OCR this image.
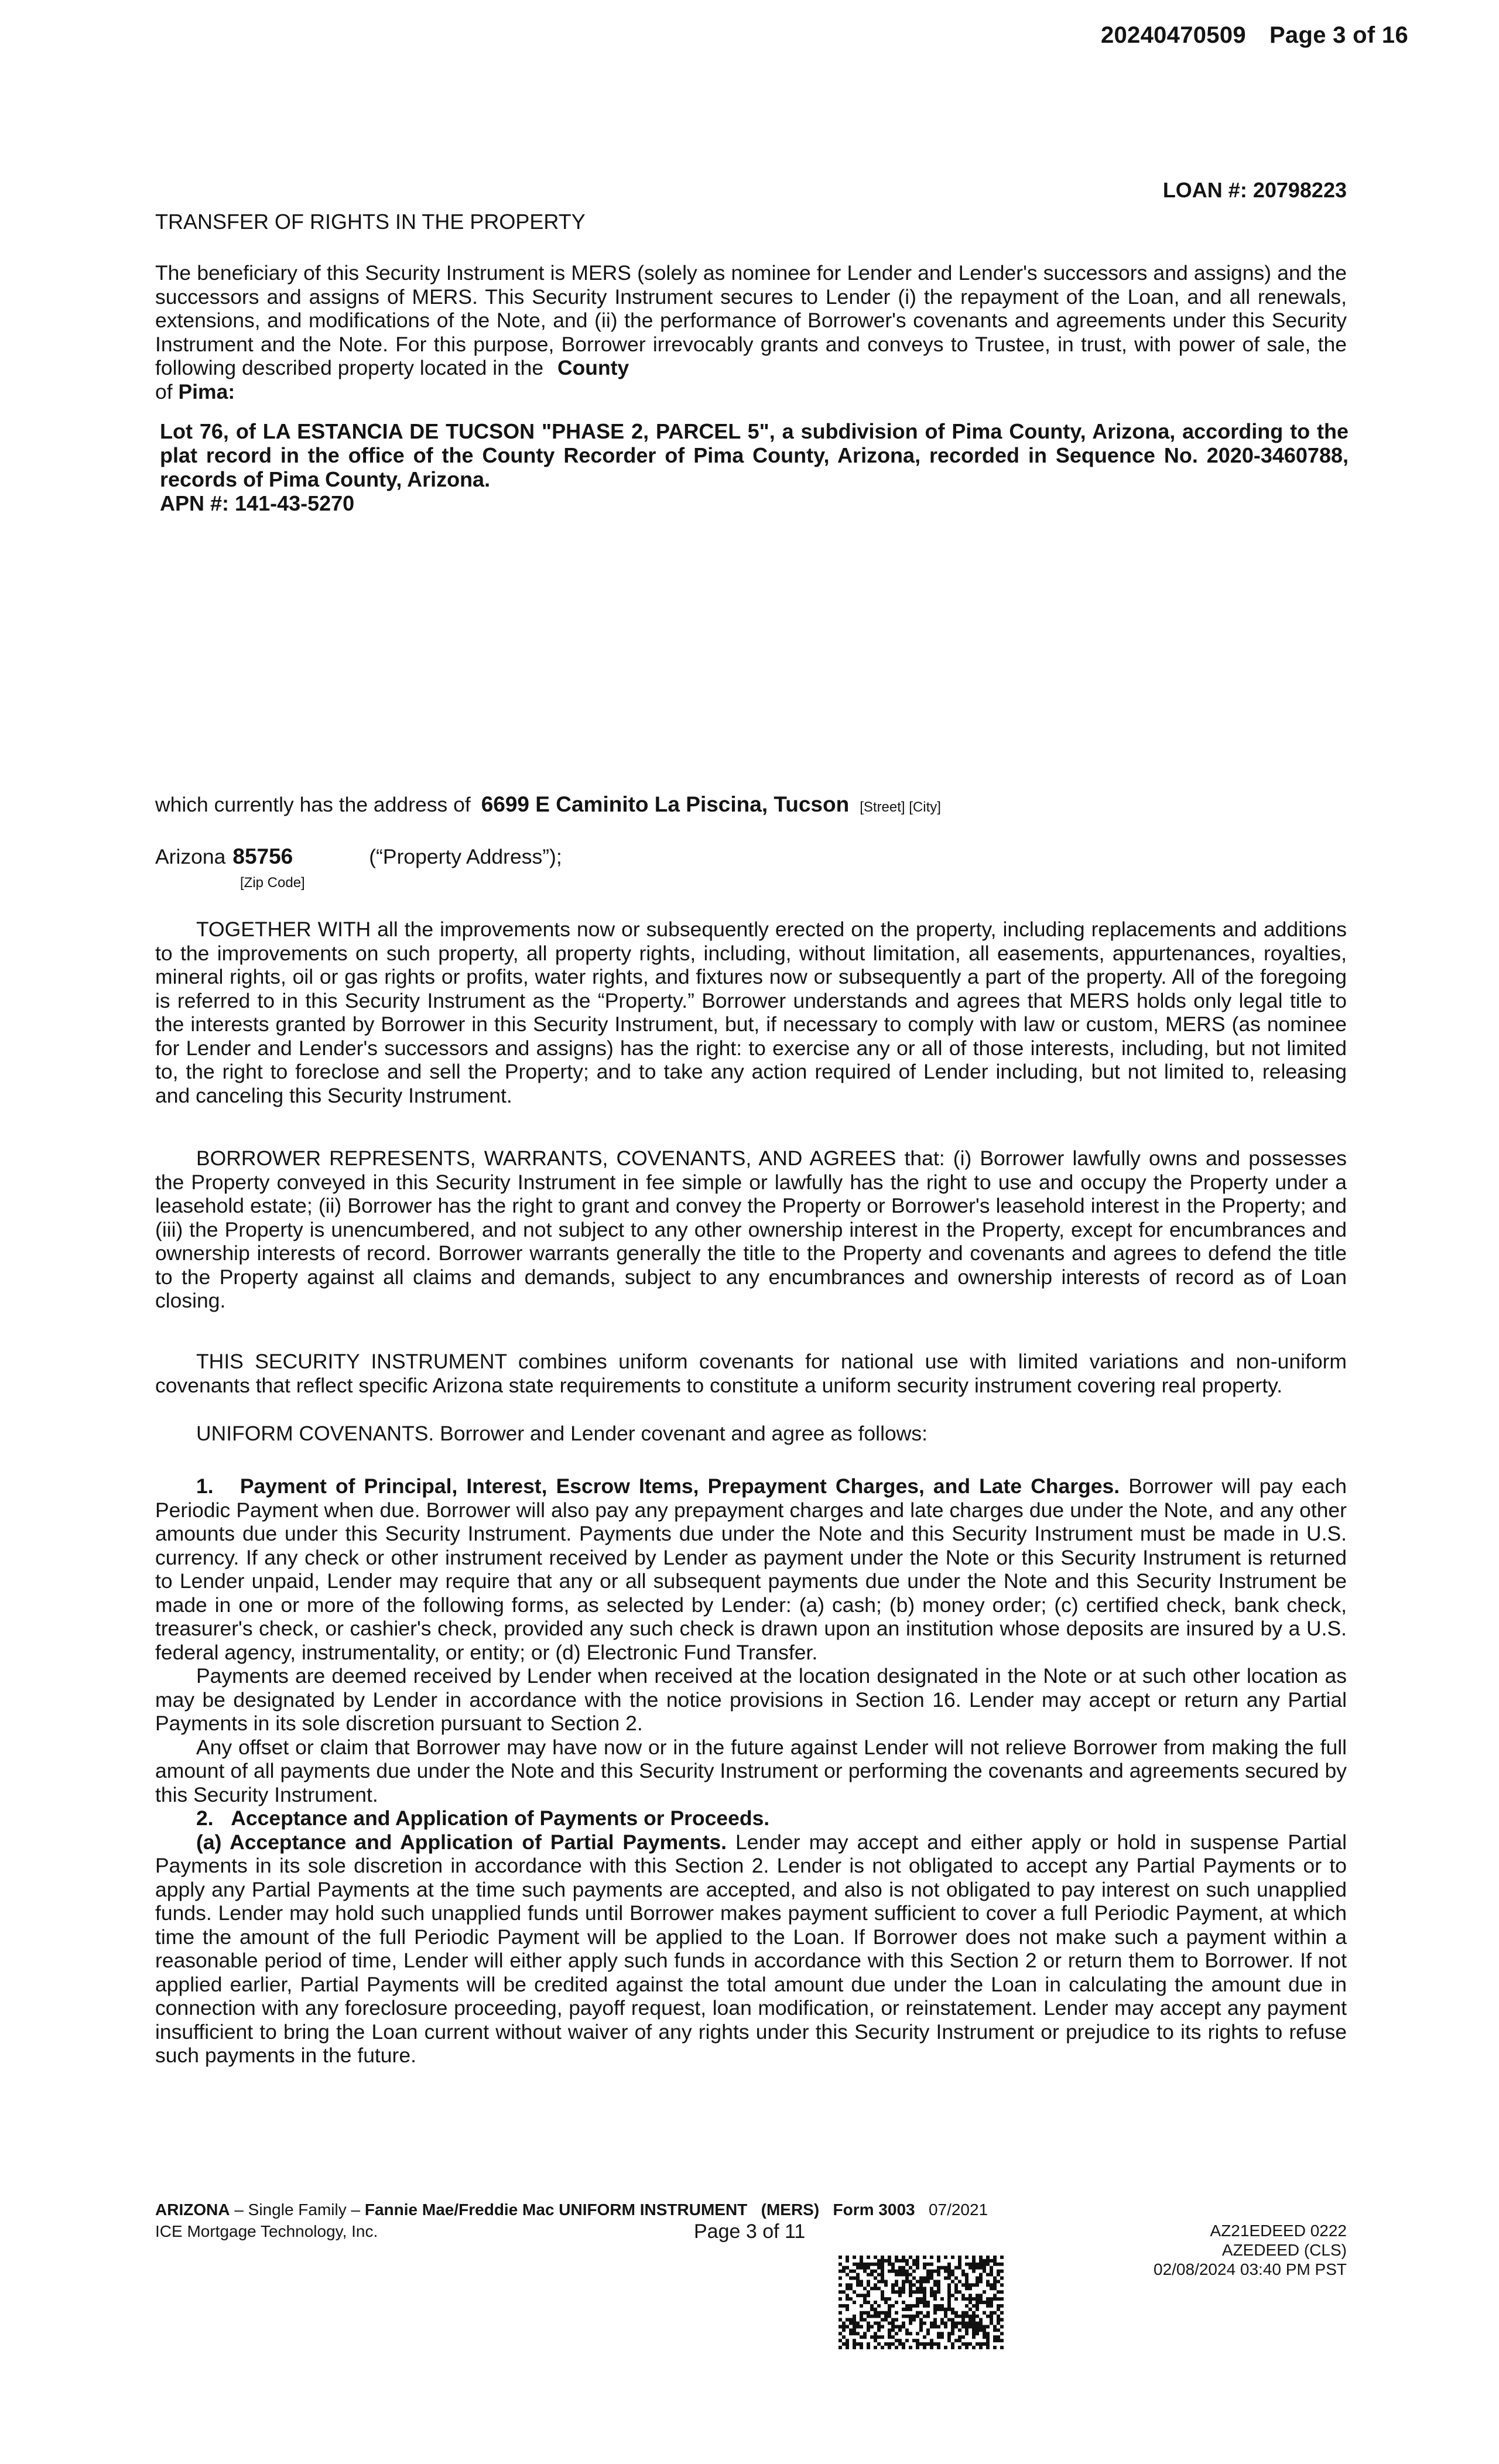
20240470509 Page 3 of 16
LOAN #: 20798223
TRANSFER OF RIGHTS IN THE PROPERTY
The beneficiary of this Security Instrument is MERS (solely as nominee for Lender and Lender's successors and assigns) and the successors and assigns of MERS. This Security Instrument secures to Lender (i) the repayment of the Loan, and all renewals, extensions, and modifications of the Note, and (ii) the performance of Borrower's covenants and agreements under this Security Instrument and the Note. For this purpose, Borrower irrevocably grants and conveys to Trustee, in trust, with power of sale, the following described property located in the County
of Pima:

Lot 76, of LA ESTANCIA DE TUCSON "PHASE 2, PARCEL 5", a subdivision of Pima County, Arizona, according to the plat record in the office of the County Recorder of Pima County, Arizona, recorded in Sequence No. 2020-3460788, records of Pima County, Arizona.

APN #: 141-43-5270

which currently has the address of 6699 E Caminito La Piscina, Tucson [Street] [City]
Arizona 85756	(“Property Address”);
[Zip Code]
TOGETHER WITH all the improvements now or subsequently erected on the property, including replacements and additions to the improvements on such property, all property rights, including, without limitation, all easements, appurtenances, royalties, mineral rights, oil or gas rights or profits, water rights, and fixtures now or subsequently a part of the property. All of the foregoing is referred to in this Security Instrument as the “Property.” Borrower understands and agrees that MERS holds only legal title to the interests granted by Borrower in this Security Instrument, but, if necessary to comply with law or custom, MERS (as nominee for Lender and Lender's successors and assigns) has the right: to exercise any or all of those interests, including, but not limited to, the right to foreclose and sell the Property; and to take any action required of Lender including, but not limited to, releasing and canceling this Security Instrument.
BORROWER REPRESENTS, WARRANTS, COVENANTS, AND AGREES that: (i) Borrower lawfully owns and possesses the Property conveyed in this Security Instrument in fee simple or lawfully has the right to use and occupy the Property under a leasehold estate; (ii) Borrower has the right to grant and convey the Property or Borrower's leasehold interest in the Property; and (iii) the Property is unencumbered, and not subject to any other ownership interest in the Property, except for encumbrances and ownership interests of record. Borrower warrants generally the title to the Property and covenants and agrees to defend the title to the Property against all claims and demands, subject to any encumbrances and ownership interests of record as of Loan closing.
THIS SECURITY INSTRUMENT combines uniform covenants for national use with limited variations and non-uniform covenants that reflect specific Arizona state requirements to constitute a uniform security instrument covering real property.
UNIFORM COVENANTS. Borrower and Lender covenant and agree as follows:

1. Payment of Principal, Interest, Escrow Items, Prepayment Charges, and Late Charges. Borrower will pay each Periodic Payment when due. Borrower will also pay any prepayment charges and late charges due under the Note, and any other amounts due under this Security Instrument. Payments due under the Note and this Security Instrument must be made in U.S. currency. If any check or other instrument received by Lender as payment under the Note or this Security Instrument is returned to Lender unpaid, Lender may require that any or all subsequent payments due under the Note and this Security Instrument be made in one or more of the following forms, as selected by Lender: (a) cash; (b) money order; (c) certified check, bank check, treasurer's check, or cashier's check, provided any such check is drawn upon an institution whose deposits are insured by a U.S. federal agency, instrumentality, or entity; or (d) Electronic Fund Transfer.

Payments are deemed received by Lender when received at the location designated in the Note or at such other location as may be designated by Lender in accordance with the notice provisions in Section 16. Lender may accept or return any Partial Payments in its sole discretion pursuant to Section 2.

Any offset or claim that Borrower may have now or in the future against Lender will not relieve Borrower from making the full amount of all payments due under the Note and this Security Instrument or performing the covenants and agreements secured by this Security Instrument.

2. Acceptance and Application of Payments or Proceeds.

(a) Acceptance and Application of Partial Payments. Lender may accept and either apply or hold in suspense Partial Payments in its sole discretion in accordance with this Section 2. Lender is not obligated to accept any Partial Payments or to apply any Partial Payments at the time such payments are accepted, and also is not obligated to pay interest on such unapplied funds. Lender may hold such unapplied funds until Borrower makes payment sufficient to cover a full Periodic Payment, at which time the amount of the full Periodic Payment will be applied to the Loan. If Borrower does not make such a payment within a reasonable period of time, Lender will either apply such funds in accordance with this Section 2 or return them to Borrower. If not applied earlier, Partial Payments will be credited against the total amount due under the Loan in calculating the amount due in connection with any foreclosure proceeding, payoff request, loan modification, or reinstatement. Lender may accept any payment insufficient to bring the Loan current without waiver of any rights under this Security Instrument or prejudice to its rights to refuse such payments in the future.

ARIZONA – Single Family – Fannie Mae/Freddie Mac UNIFORM INSTRUMENT (MERS) Form 3003 07/2021
ICE Mortgage Technology, Inc.	Page 3 of 11	AZ21EDEED 0222
AZEDEED (CLS)
02/08/2024 03:40 PM PST
